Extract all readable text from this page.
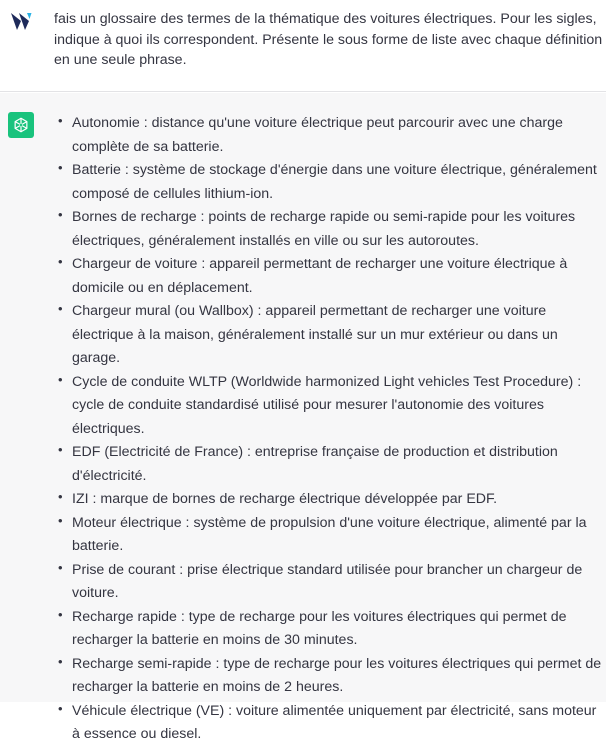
fais un glossaire des termes de la thématique des voitures électriques. Pour les sigles, indique à quoi ils correspondent. Présente le sous forme de liste avec chaque définition en une seule phrase.
• Autonomie : distance qu'une voiture électrique peut parcourir avec une charge complète de sa batterie.
• Batterie : système de stockage d'énergie dans une voiture électrique, généralement composé de cellules lithium-ion.
• Bornes de recharge : points de recharge rapide ou semi-rapide pour les voitures électriques, généralement installés en ville ou sur les autoroutes.
• Chargeur de voiture : appareil permettant de recharger une voiture électrique à domicile ou en déplacement.
• Chargeur mural (ou Wallbox) : appareil permettant de recharger une voiture électrique à la maison, généralement installé sur un mur extérieur ou dans un garage.
• Cycle de conduite WLTP (Worldwide harmonized Light vehicles Test Procedure) : cycle de conduite standardisé utilisé pour mesurer l'autonomie des voitures électriques.
• EDF (Electricité de France) : entreprise française de production et distribution d'électricité.
• IZI : marque de bornes de recharge électrique développée par EDF.
• Moteur électrique : système de propulsion d'une voiture électrique, alimenté par la batterie.
• Prise de courant : prise électrique standard utilisée pour brancher un chargeur de voiture.
• Recharge rapide : type de recharge pour les voitures électriques qui permet de recharger la batterie en moins de 30 minutes.
• Recharge semi-rapide : type de recharge pour les voitures électriques qui permet de recharger la batterie en moins de 2 heures.
• Véhicule électrique (VE) : voiture alimentée uniquement par électricité, sans moteur à essence ou diesel.
